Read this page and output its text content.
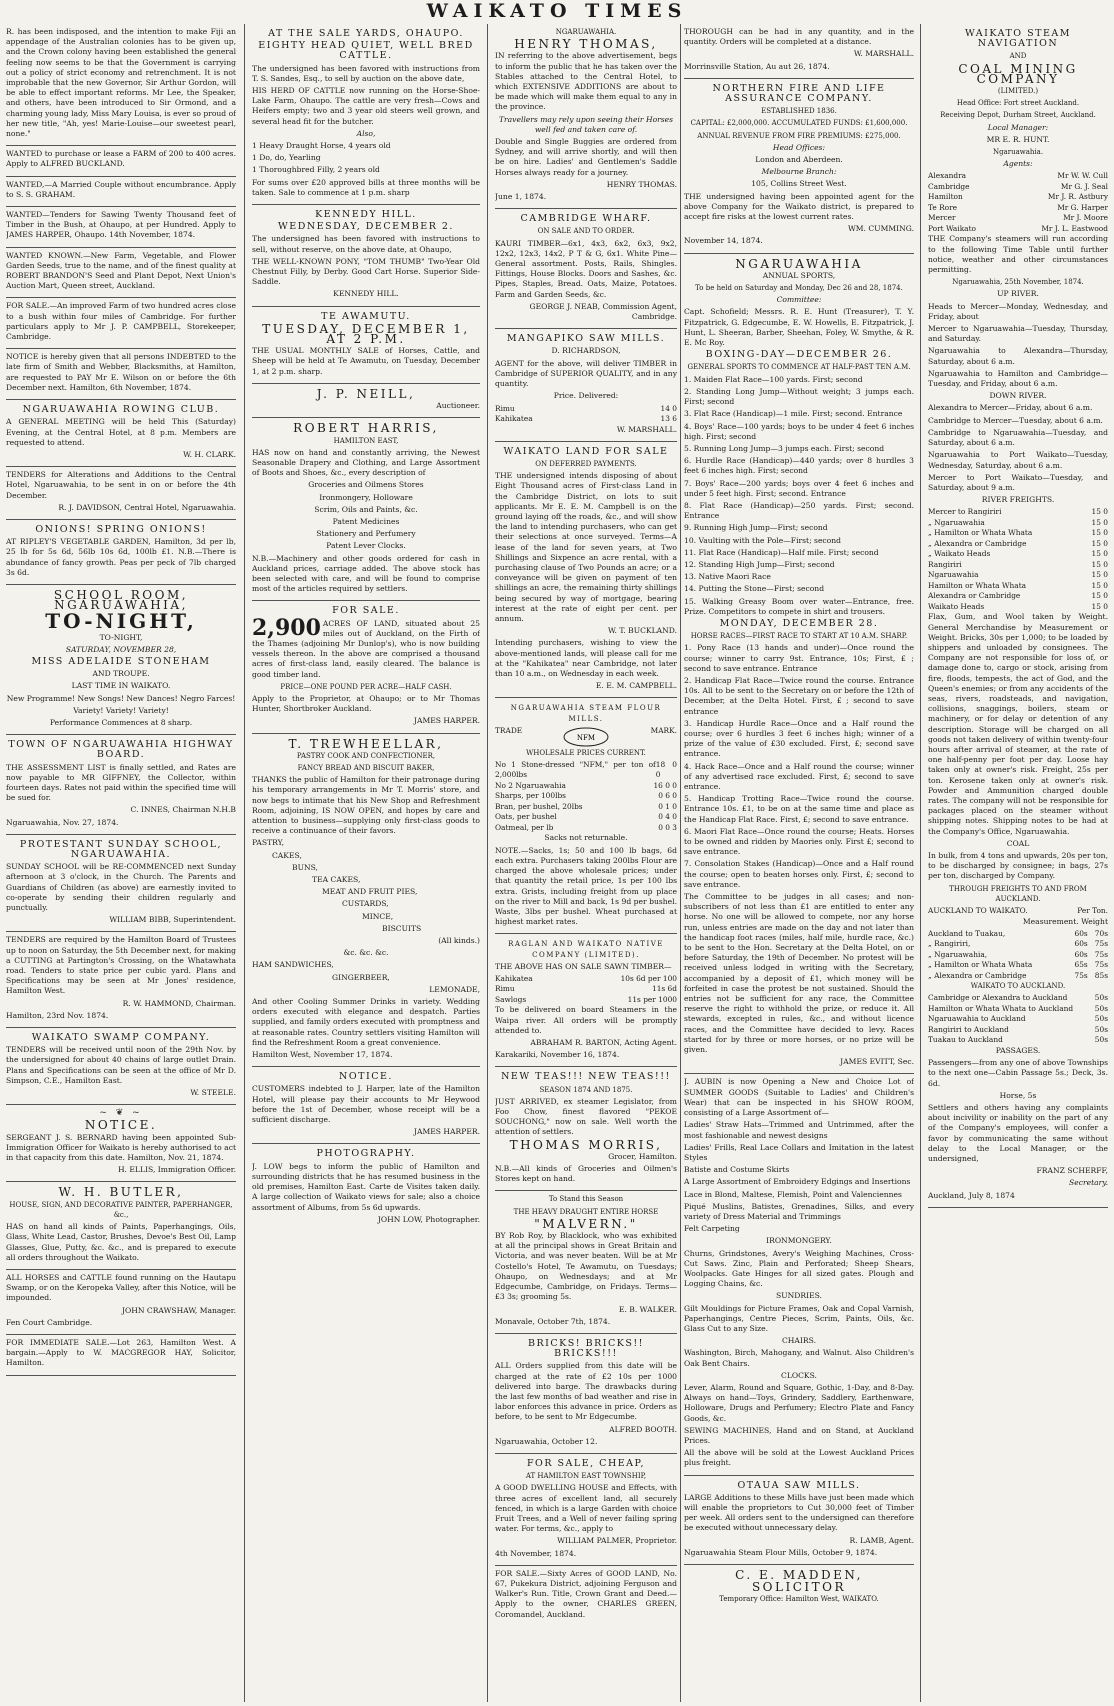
WAIKATO TIMES

R. has been indisposed, and the intention to make Fiji an appendage of the Australian colonies has to be given up, and the Crown colony having been established the general feeling now seems to be that the Government is carrying out a policy of strict economy and retrenchment. It is not improbable that the new Governor, Sir Arthur Gordon, will be able to effect important reforms. Mr Lee, the Speaker, and others, have been introduced to Sir Ormond, and a charming young lady, Miss Mary Louisa, is ever so proud of her new title, "Ah, yes! Marie-Louise—our sweetest pearl, none."

WANTED to purchase or lease a FARM of 200 to 400 acres. Apply to ALFRED BUCKLAND.

WANTED,—A Married Couple without encumbrance. Apply to S. S. GRAHAM.

WANTED—Tenders for Sawing Twenty Thousand feet of Timber in the Bush, at Ohaupo, at per Hundred. Apply to JAMES HARPER, Ohaupo. 14th November, 1874.

WANTED KNOWN.—New Farm, Vegetable, and Flower Garden Seeds, true to the name, and of the finest quality at ROBERT BRANDON'S Seed and Plant Depot, Next Union's Auction Mart, Queen street, Auckland.

FOR SALE.—An improved Farm of two hundred acres close to a bush within four miles of Cambridge. For further particulars apply to Mr J. P. CAMPBELL, Storekeeper, Cambridge.

NOTICE is hereby given that all persons INDEBTED to the late firm of Smith and Webber, Blacksmiths, at Hamilton, are requested to PAY Mr E. Wilson on or before the 6th December next. Hamilton, 6th November, 1874.

NGARUAWAHIA ROWING CLUB.

A GENERAL MEETING will be held This (Saturday) Evening, at the Central Hotel, at 8 p.m. Members are requested to attend.

W. H. CLARK.

TENDERS for Alterations and Additions to the Central Hotel, Ngaruawahia, to be sent in on or before the 4th December.

R. J. DAVIDSON, Central Hotel, Ngaruawahia.

ONIONS! SPRING ONIONS!

AT RIPLEY'S VEGETABLE GARDEN, Hamilton, 3d per lb, 25 lb for 5s 6d, 56lb 10s 6d, 100lb £1. N.B.—There is abundance of fancy growth. Peas per peck of 7lb charged 3s 6d.

SCHOOL ROOM, NGARUAWAHIA,
TO-NIGHT,

TO-NIGHT,

SATURDAY, NOVEMBER 28,

MISS ADELAIDE STONEHAM

AND TROUPE.

LAST TIME IN WAIKATO.

New Programme! New Songs! New Dances! Negro Farces!

Variety! Variety! Variety!

Performance Commences at 8 sharp.

TOWN OF NGARUAWAHIA HIGHWAY BOARD.

THE ASSESSMENT LIST is finally settled, and Rates are now payable to MR GIFFNEY, the Collector, within fourteen days. Rates not paid within the specified time will be sued for.

C. INNES, Chairman N.H.B

Ngaruawahia, Nov. 27, 1874.

PROTESTANT SUNDAY SCHOOL, NGARUAWAHIA.

SUNDAY SCHOOL will be RE-COMMENCED next Sunday afternoon at 3 o'clock, in the Church. The Parents and Guardians of Children (as above) are earnestly invited to co-operate by sending their children regularly and punctually.

WILLIAM BIBB, Superintendent.

TENDERS are required by the Hamilton Board of Trustees up to noon on Saturday, the 5th December next, for making a CUTTING at Partington's Crossing, on the Whatawhata road. Tenders to state price per cubic yard. Plans and Specifications may be seen at Mr Jones' residence, Hamilton West.

R. W. HAMMOND, Chairman.

Hamilton, 23rd Nov. 1874.

WAIKATO SWAMP COMPANY.

TENDERS will be received until noon of the 29th Nov. by the undersigned for about 40 chains of large outlet Drain. Plans and Specifications can be seen at the office of Mr D. Simpson, C.E., Hamilton East.

W. STEELE.

~ ❦ ~
NOTICE.

SERGEANT J. S. BERNARD having been appointed Sub-Immigration Officer for Waikato is hereby authorised to act in that capacity from this date. Hamilton, Nov. 21, 1874.

H. ELLIS, Immigration Officer.

W. H. BUTLER,

HOUSE, SIGN, AND DECORATIVE PAINTER, PAPERHANGER, &c.,

HAS on hand all kinds of Paints, Paperhangings, Oils, Glass, White Lead, Castor, Brushes, Devoe's Best Oil, Lamp Glasses, Glue, Putty, &c. &c., and is prepared to execute all orders throughout the Waikato.

ALL HORSES and CATTLE found running on the Hautapu Swamp, or on the Keropeka Valley, after this Notice, will be impounded.

JOHN CRAWSHAW, Manager.

Fen Court Cambridge.

FOR IMMEDIATE SALE.—Lot 263, Hamilton West. A bargain.—Apply to W. MACGREGOR HAY, Solicitor, Hamilton.

AT THE SALE YARDS, OHAUPO.
EIGHTY HEAD QUIET, WELL BRED CATTLE.

The undersigned has been favored with instructions from T. S. Sandes, Esq., to sell by auction on the above date,

HIS HERD OF CATTLE now running on the Horse-Shoe-Lake Farm, Ohaupo. The cattle are very fresh—Cows and Heifers empty; two and 3 year old steers well grown, and several head fit for the butcher.

Also,

1 Heavy Draught Horse, 4 years old

1 Do, do, Yearling

1 Thoroughbred Filly, 2 years old

For sums over £20 approved bills at three months will be taken. Sale to commence at 1 p.m. sharp

KENNEDY HILL.
WEDNESDAY, DECEMBER 2.

The undersigned has been favored with instructions to sell, without reserve, on the above date, at Ohaupo,

THE WELL-KNOWN PONY, "TOM THUMB" Two-Year Old Chestnut Filly, by Derby. Good Cart Horse. Superior Side-Saddle.

KENNEDY HILL.

TE AWAMUTU.
TUESDAY, DECEMBER 1, AT 2 P.M.

THE USUAL MONTHLY SALE of Horses, Cattle, and Sheep will be held at Te Awamutu, on Tuesday, December 1, at 2 p.m. sharp.

J. P. NEILL,

Auctioneer.

ROBERT HARRIS,

HAMILTON EAST,

HAS now on hand and constantly arriving, the Newest Seasonable Drapery and Clothing, and Large Assortment of Boots and Shoes, &c., every description of

Groceries and Oilmens Stores

Ironmongery, Holloware

Scrim, Oils and Paints, &c.

Patent Medicines

Stationery and Perfumery

Patent Lever Clocks.

N.B.—Machinery and other goods ordered for cash in Auckland prices, carriage added. The above stock has been selected with care, and will be found to comprise most of the articles required by settlers.

FOR SALE.

2,900 ACRES OF LAND, situated about 25 miles out of Auckland, on the Firth of the Thames (adjoining Mr Dunlop's), who is now building vessels thereon. In the above are comprised a thousand acres of first-class land, easily cleared. The balance is good timber land.

PRICE—ONE POUND PER ACRE—HALF CASH.

Apply to the Proprietor, at Ohaupo; or to Mr Thomas Hunter, Shortbroker Auckland.

JAMES HARPER.

T. TREWHEELLAR,

PASTRY COOK AND CONFECTIONER,

FANCY BREAD AND BISCUIT BAKER,

THANKS the public of Hamilton for their patronage during his temporary arrangements in Mr T. Morris' store, and now begs to intimate that his New Shop and Refreshment Room, adjoining, IS NOW OPEN, and hopes by care and attention to business—supplying only first-class goods to receive a continuance of their favors.

PASTRY,

CAKES,

BUNS,

TEA CAKES,

MEAT AND FRUIT PIES,

CUSTARDS,

MINCE,

BISCUITS

(All kinds.)

&c. &c. &c.

HAM SANDWICHES,

GINGERBEER,

LEMONADE,

And other Cooling Summer Drinks in variety. Wedding orders executed with elegance and despatch. Parties supplied, and family orders executed with promptness and at reasonable rates. Country settlers visiting Hamilton will find the Refreshment Room a great convenience.

Hamilton West, November 17, 1874.

NOTICE.

CUSTOMERS indebted to J. Harper, late of the Hamilton Hotel, will please pay their accounts to Mr Heywood before the 1st of December, whose receipt will be a sufficient discharge.

JAMES HARPER.

PHOTOGRAPHY.

J. LOW begs to inform the public of Hamilton and surrounding districts that he has resumed business in the old premises, Hamilton East. Carte de Visites taken daily. A large collection of Waikato views for sale; also a choice assortment of Albums, from 5s 6d upwards.

JOHN LOW, Photographer.

NGARUAWAHIA.

HENRY THOMAS,

IN referring to the above advertisement, begs to inform the public that he has taken over the Stables attached to the Central Hotel, to which EXTENSIVE ADDITIONS are about to be made which will make them equal to any in the province.

Travellers may rely upon seeing their Horses well fed and taken care of.

Double and Single Buggies are ordered from Sydney, and will arrive shortly, and will then be on hire. Ladies' and Gentlemen's Saddle Horses always ready for a journey.

HENRY THOMAS.

June 1, 1874.

CAMBRIDGE WHARF.

ON SALE AND TO ORDER.

KAURI TIMBER—6x1, 4x3, 6x2, 6x3, 9x2, 12x2, 12x3, 14x2, P T & G, 6x1. White Pine—General assortment. Posts, Rails, Shingles. Fittings, House Blocks. Doors and Sashes, &c. Pipes, Staples, Bread. Oats, Maize, Potatoes. Farm and Garden Seeds, &c.

GEORGE J. NEAB, Commission Agent, Cambridge.

MANGAPIKO SAW MILLS.

D. RICHARDSON,

AGENT for the above, will deliver TIMBER in Cambridge of SUPERIOR QUALITY, and in any quantity.

Price. Delivered:

Rimu	14 0
Kahikatea	13 6

W. MARSHALL.

WAIKATO LAND FOR SALE

ON DEFERRED PAYMENTS.

THE undersigned intends disposing of about Eight Thousand acres of First-class Land in the Cambridge District, on lots to suit applicants. Mr E. E. M. Campbell is on the ground laying off the roads, &c., and will show the land to intending purchasers, who can get their selections at once surveyed. Terms—A lease of the land for seven years, at Two Shillings and Sixpence an acre rental, with a purchasing clause of Two Pounds an acre; or a conveyance will be given on payment of ten shillings an acre, the remaining thirty shillings being secured by way of mortgage, bearing interest at the rate of eight per cent. per annum.

W. T. BUCKLAND.

Intending purchasers, wishing to view the above-mentioned lands, will please call for me at the "Kahikatea" near Cambridge, not later than 10 a.m., on Wednesday in each week.

E. E. M. CAMPBELL.

NGARUAWAHIA STEAM FLOUR MILLS.
TRADE
NFM
MARK.

WHOLESALE PRICES CURRENT.

No 1 Stone-dressed "NFM," per ton of 2,000lbs
18 0 0
No 2 Ngaruawahia	16 0 0
Sharps, per 100lbs	0 6 0
Bran, per bushel, 20lbs	0 1 0
Oats, per bushel	0 4 0
Oatmeal, per lb	0 0 3

Sacks not returnable.

NOTE.—Sacks, 1s; 50 and 100 lb bags, 6d each extra. Purchasers taking 200lbs Flour are charged the above wholesale prices; under that quantity the retail price, 1s per 100 lbs extra. Grists, including freight from up place on the river to Mill and back, 1s 9d per bushel. Waste, 3lbs per bushel. Wheat purchased at highest market rates.

RAGLAN AND WAIKATO NATIVE COMPANY (LIMITED).

THE ABOVE HAS ON SALE SAWN TIMBER—

Kahikatea	10s 6d per 100
Rimu	11s 6d
Sawlogs	11s per 1000

To be delivered on board Steamers in the Waipa river. All orders will be promptly attended to.

ABRAHAM R. BARTON, Acting Agent.

Karakariki, November 16, 1874.

NEW TEAS!!! NEW TEAS!!!

SEASON 1874 AND 1875.

JUST ARRIVED, ex steamer Legislator, from Foo Chow, finest flavored "PEKOE SOUCHONG," now on sale. Well worth the attention of settlers.

THOMAS MORRIS,

Grocer, Hamilton.

N.B.—All kinds of Groceries and Oilmen's Stores kept on hand.

To Stand this Season

THE HEAVY DRAUGHT ENTIRE HORSE

"MALVERN."

BY Rob Roy, by Blacklock, who was exhibited at all the principal shows in Great Britain and Victoria, and was never beaten. Will be at Mr Costello's Hotel, Te Awamutu, on Tuesdays; Ohaupo, on Wednesdays; and at Mr Edgecumbe, Cambridge, on Fridays. Terms—£3 3s; grooming 5s.

E. B. WALKER.

Monavale, October 7th, 1874.

BRICKS! BRICKS!! BRICKS!!!

ALL Orders supplied from this date will be charged at the rate of £2 10s per 1000 delivered into barge. The drawbacks during the last few months of bad weather and rise in labor enforces this advance in price. Orders as before, to be sent to Mr Edgecumbe.

ALFRED BOOTH.

Ngaruawahia, October 12.

FOR SALE, CHEAP,

AT HAMILTON EAST TOWNSHIP,

A GOOD DWELLING HOUSE and Effects, with three acres of excellent land, all securely fenced, in which is a large Garden with choice Fruit Trees, and a Well of never failing spring water. For terms, &c., apply to

WILLIAM PALMER, Proprietor.

4th November, 1874.

FOR SALE.—Sixty Acres of GOOD LAND, No. 67, Pukekura District, adjoining Ferguson and Walker's Run. Title, Crown Grant and Deed.—Apply to the owner, CHARLES GREEN, Coromandel, Auckland.

THOROUGH can be had in any quantity, and in the quantity. Orders will be completed at a distance.

W. MARSHALL.

Morrinsville Station, Au aut 26, 1874.

NORTHERN FIRE AND LIFE ASSURANCE COMPANY.

ESTABLISHED 1836.

CAPITAL: £2,000,000. ACCUMULATED FUNDS: £1,600,000.

ANNUAL REVENUE FROM FIRE PREMIUMS: £275,000.

Head Offices:

London and Aberdeen.

Melbourne Branch:

105, Collins Street West.

THE undersigned having been appointed agent for the above Company for the Waikato district, is prepared to accept fire risks at the lowest current rates.

WM. CUMMING.

November 14, 1874.

NGARUAWAHIA

ANNUAL SPORTS,

To be held on Saturday and Monday, Dec 26 and 28, 1874.

Committee:

Capt. Schofield; Messrs. R. E. Hunt (Treasurer), T. Y. Fitzpatrick, G. Edgecumbe, E. W. Howells, E. Fitzpatrick, J. Hunt, L. Sheeran, Barber, Sheehan, Foley, W. Smythe, & R. E. Mc Roy.

BOXING-DAY—DECEMBER 26.

GENERAL SPORTS TO COMMENCE AT HALF-PAST TEN A.M.

1. Maiden Flat Race—100 yards. First; second

2. Standing Long Jump—Without weight; 3 jumps each. First; second

3. Flat Race (Handicap)—1 mile. First; second. Entrance

4. Boys' Race—100 yards; boys to be under 4 feet 6 inches high. First; second

5. Running Long Jump—3 jumps each. First; second

6. Hurdle Race (Handicap)—440 yards; over 8 hurdles 3 feet 6 inches high. First; second

7. Boys' Race—200 yards; boys over 4 feet 6 inches and under 5 feet high. First; second. Entrance

8. Flat Race (Handicap)—250 yards. First; second. Entrance

9. Running High Jump—First; second

10. Vaulting with the Pole—First; second

11. Flat Race (Handicap)—Half mile. First; second

12. Standing High Jump—First; second

13. Native Maori Race

14. Putting the Stone—First; second

15. Walking Greasy Boom over water—Entrance, free. Prize. Competitors to compete in shirt and trousers.

MONDAY, DECEMBER 28.

HORSE RACES—FIRST RACE TO START AT 10 A.M. SHARP.

1. Pony Race (13 hands and under)—Once round the course; winner to carry 9st. Entrance, 10s; First, £ ; second to save entrance. Entrance

2. Handicap Flat Race—Twice round the course. Entrance 10s. All to be sent to the Secretary on or before the 12th of December, at the Delta Hotel. First, £ ; second to save entrance

3. Handicap Hurdle Race—Once and a Half round the course; over 6 hurdles 3 feet 6 inches high; winner of a prize of the value of £30 excluded. First, £; second save entrance.

4. Hack Race—Once and a Half round the course; winner of any advertised race excluded. First, £; second to save entrance.

5. Handicap Trotting Race—Twice round the course. Entrance 10s. £1, to be on at the same time and place as the Handicap Flat Race. First, £; second to save entrance.

6. Maori Flat Race—Once round the course; Heats. Horses to be owned and ridden by Maories only. First £; second to save entrance.

7. Consolation Stakes (Handicap)—Once and a Half round the course; open to beaten horses only. First, £; second to save entrance.

The Committee to be judges in all cases; and non-subscribers of not less than £1 are entitled to enter any horse. No one will be allowed to compete, nor any horse run, unless entries are made on the day and not later than the handicap foot races (miles, half mile, hurdle race, &c.) to be sent to the Hon. Secretary at the Delta Hotel, on or before Saturday, the 19th of December. No protest will be received unless lodged in writing with the Secretary, accompanied by a deposit of £1, which money will be forfeited in case the protest be not sustained. Should the entries not be sufficient for any race, the Committee reserve the right to withhold the prize, or reduce it. All stewards, excepted in rules, &c., and without licence races, and the Committee have decided to levy. Races started for by three or more horses, or no prize will be given.

JAMES EVITT, Sec.

J. AUBIN is now Opening a New and Choice Lot of SUMMER GOODS (Suitable to Ladies' and Children's Wear) that can be inspected in his SHOW ROOM, consisting of a Large Assortment of—

Ladies' Straw Hats—Trimmed and Untrimmed, after the most fashionable and newest designs

Ladies' Frills, Real Lace Collars and Imitation in the latest Styles

Batiste and Costume Skirts

A Large Assortment of Embroidery Edgings and Insertions

Lace in Blond, Maltese, Flemish, Point and Valenciennes

Piqué Muslins, Batistes, Grenadines, Silks, and every variety of Dress Material and Trimmings

Felt Carpeting

IRONMONGERY.

Churns, Grindstones, Avery's Weighing Machines, Cross-Cut Saws. Zinc, Plain and Perforated; Sheep Shears, Woolpacks. Gate Hinges for all sized gates. Plough and Logging Chains, &c.

SUNDRIES.

Gilt Mouldings for Picture Frames, Oak and Copal Varnish, Paperhangings, Centre Pieces, Scrim, Paints, Oils, &c. Glass Cut to any Size.

CHAIRS.

Washington, Birch, Mahogany, and Walnut. Also Children's Oak Bent Chairs.

CLOCKS.

Lever, Alarm, Round and Square, Gothic, 1-Day, and 8-Day. Always on hand—Toys, Grindery, Saddlery, Earthenware, Holloware, Drugs and Perfumery; Electro Plate and Fancy Goods, &c.

SEWING MACHINES, Hand and on Stand, at Auckland Prices.

All the above will be sold at the Lowest Auckland Prices plus freight.

OTAUA SAW MILLS.

LARGE Additions to these Mills have just been made which will enable the proprietors to Cut 30,000 feet of Timber per week. All orders sent to the undersigned can therefore be executed without unnecessary delay.

R. LAMB, Agent.

Ngaruawahia Steam Flour Mills, October 9, 1874.

C. E. MADDEN,
SOLICITOR

Temporary Office: Hamilton West, WAIKATO.

WAIKATO STEAM NAVIGATION

AND

COAL MINING COMPANY

(LIMITED.)

Head Office: Fort street Auckland.

Receiving Depot, Durham Street, Auckland.

Local Manager:

MR E. R. HUNT.

Ngaruawahia.

Agents:

Alexandra	Mr W. W. Cull
Cambridge	Mr G. J. Seal
Hamilton	Mr J. R. Astbury
Te Rore	Mr G. Harper
Mercer	Mr J. Moore
Port Waikato	Mr J. L. Eastwood

THE Company's steamers will run according to the following Time Table until further notice, weather and other circumstances permitting.

Ngaruawahia, 25th November, 1874.

UP RIVER.

Heads to Mercer—Monday, Wednesday, and Friday, about

Mercer to Ngaruawahia—Tuesday, Thursday, and Saturday.

Ngaruawahia to Alexandra—Thursday, Saturday, about 6 a.m.

Ngaruawahia to Hamilton and Cambridge—Tuesday, and Friday, about 6 a.m.

DOWN RIVER.

Alexandra to Mercer—Friday, about 6 a.m.

Cambridge to Mercer—Tuesday, about 6 a.m.

Cambridge to Ngaruawahia—Tuesday, and Saturday, about 6 a.m.

Ngaruawahia to Port Waikato—Tuesday, Wednesday, Saturday, about 6 a.m.

Mercer to Port Waikato—Tuesday, and Saturday, about 9 a.m.

RIVER FREIGHTS.

Mercer to Rangiriri	15 0
„ Ngaruawahia	15 0
„ Hamilton or Whata Whata	15 0
„ Alexandra or Cambridge	15 0
„ Waikato Heads	15 0
Rangiriri	15 0
Ngaruawahia	15 0
Hamilton or Whata Whata	15 0
Alexandra or Cambridge	15 0
Waikato Heads	15 0

Flax, Gum, and Wool taken by Weight. General Merchandise by Measurement or Weight. Bricks, 30s per 1,000; to be loaded by shippers and unloaded by consignees. The Company are not responsible for loss of, or damage done to, cargo or stock, arising from fire, floods, tempests, the act of God, and the Queen's enemies; or from any accidents of the seas, rivers, roadsteads, and navigation, collisions, snaggings, boilers, steam or machinery, or for delay or detention of any description. Storage will be charged on all goods not taken delivery of within twenty-four hours after arrival of steamer, at the rate of one half-penny per foot per day. Loose hay taken only at owner's risk. Freight, 25s per ton. Kerosene taken only at owner's risk. Powder and Ammunition charged double rates. The company will not be responsible for packages placed on the steamer without shipping notes. Shipping notes to be had at the Company's Office, Ngaruawahia.

COAL

In bulk, from 4 tons and upwards, 20s per ton, to be discharged by consignee; in bags, 27s per ton, discharged by Company.

THROUGH FREIGHTS TO AND FROM AUCKLAND.

AUCKLAND TO WAIKATO.	Per Ton.

Measurement. Weight

Auckland to Tuakau,	60s 70s
„ Rangiriri,	60s 75s
„ Ngaruawahia,	60s 75s
„ Hamilton or Whata Whata	65s 75s
„ Alexandra or Cambridge	75s 85s

WAIKATO TO AUCKLAND.

Cambridge or Alexandra to Auckland	50s
Hamilton or Whata Whata to Auckland	50s
Ngaruawahia to Auckland	50s
Rangiriri to Auckland	50s
Tuakau to Auckland	50s

PASSAGES.

Passengers—from any one of above Townships to the next one—Cabin Passage 5s.; Deck, 3s. 6d.

Horse, 5s

Settlers and others having any complaints about incivility or inability on the part of any of the Company's employees, will confer a favor by communicating the same without delay to the Local Manager, or the undersigned,

FRANZ SCHERFF,

Secretary.

Auckland, July 8, 1874
